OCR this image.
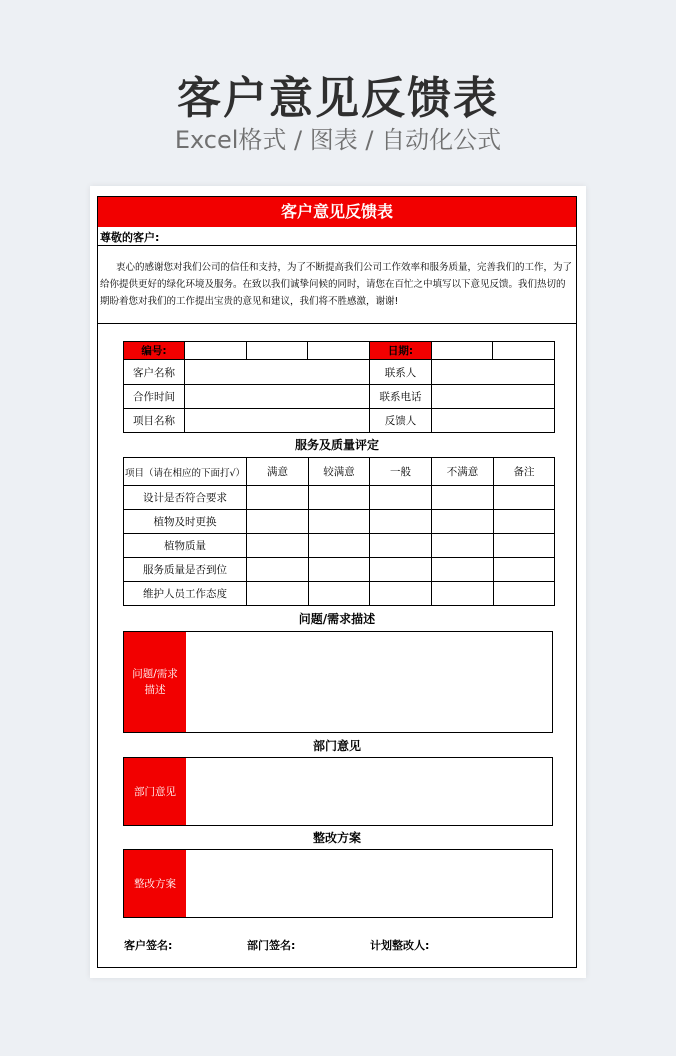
客户意见反馈表
Excel格式 / 图表 / 自动化公式
客户意见反馈表
尊敬的客户:
衷心的感谢您对我们公司的信任和支持，为了不断提高我们公司工作效率和服务质量，完善我们的工作，为了给你提供更好的绿化环境及服务。在致以我们诚挚问候的同时，请您在百忙之中填写以下意见反馈。我们热切的期盼着您对我们的工作提出宝贵的意见和建议，我们将不胜感激，谢谢!
编号:				日期:		
客户名称				联系人		
合作时间				联系电话		
项目名称				反馈人		
服务及质量评定
项目（请在相应的下面打√）	满意	较满意	一般	不满意	备注
设计是否符合要求					
植物及时更换					
植物质量					
服务质量是否到位					
维护人员工作态度					
问题/需求描述
问题/需求描述
部门意见
部门意见
整改方案
整改方案
客户签名:	部门签名:	计划整改人:
